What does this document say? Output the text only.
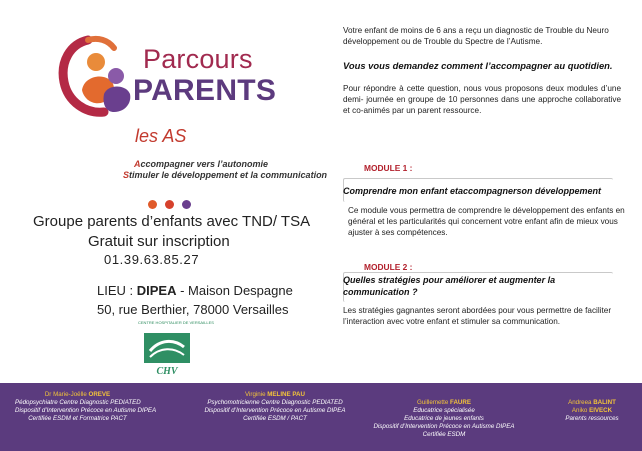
Parcours
PARENTS
les AS
Accompagner vers l’autonomie
Stimuler le développement et la communication
Groupe parents d’enfants avec TND/ TSA
Gratuit sur inscription
01.39.63.85.27
LIEU : DIPEA - Maison Despagne
50, rue Berthier, 78000 Versailles
CENTRE HOSPITALIER DE VERSAILLES
CHV
Votre enfant de moins de 6 ans a reçu un diagnostic de Trouble du Neuro développement ou de Trouble du Spectre de l’Autisme.
Vous vous demandez comment l’accompagner au quotidien.
Pour répondre à cette question, nous vous proposons deux modules d’une demi- journée en groupe de 10 personnes dans une approche collaborative et co-animés par un parent ressource.
MODULE 1 :
Comprendre mon enfant etaccompagnerson développement
Ce module vous permettra de comprendre le développement des enfants en général et les particularités qui concernent votre enfant afin de mieux vous ajuster à ses compétences.
MODULE 2 :
Quelles stratégies pour améliorer et augmenter la communication ?
Les stratégies gagnantes seront abordées pour vous permettre de faciliter l’interaction avec votre enfant et stimuler sa communication.
Dr Marie-Joëlle OREVE
Pédopsychiatre Centre Diagnostic PEDIATED
Dispositif d’Intervention Précoce en Autisme DIPEA
Certifiée ESDM et Formatrice PACT
Virginie MELINE PAU
Psychomotricienne Centre Diagnostic PEDIATED
Dispositif d’Intervention Précoce en Autisme DIPEA
Certifiée ESDM / PACT
Guillemette FAURE
Educatrice spécialisée
Educatrice de jeunes enfants
Dispositif d’Intervention Précoce en Autisme DIPEA
Certifiée ESDM
Andreea BALINT
Aniko EIVECK
Parents ressources
